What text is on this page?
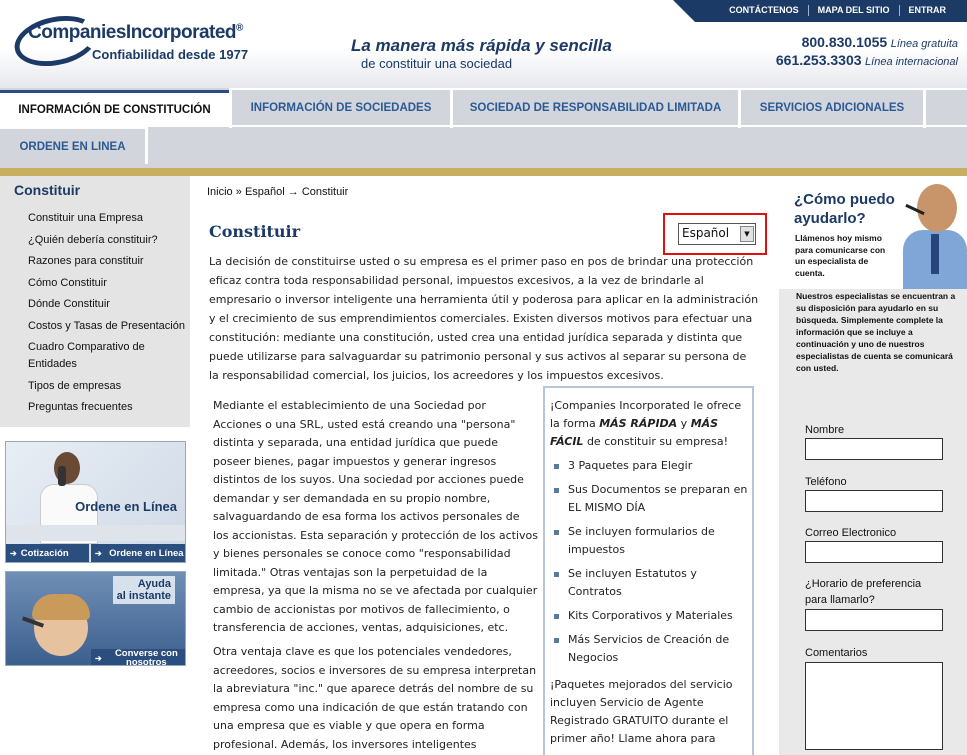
CONTÁCTENOS	MAPA DEL SITIO	ENTRAR
CompaniesIncorporated®
Confiabilidad desde 1977	La manera más rápida y sencilla
de constituir una sociedad
800.830.1055 Línea gratuita
661.253.3303 Línea internacional
INFORMACIÓN DE CONSTITUCIÓN	INFORMACIÓN DE SOCIEDADES	SOCIEDAD DE RESPONSABILIDAD LIMITADA	SERVICIOS ADICIONALES
ORDENE EN LINEA
Constituir
Constituir una Empresa
¿Quién debería constituir?
Razones para constituir
Cómo Constituir
Dónde Constituir
Costos y Tasas de Presentación
Cuadro Comparativo de Entidades
Tipos de empresas
Preguntas frecuentes
Ordene en Línea
➔ Cotización	➔ Ordene en Línea
Ayuda
al instante
➔	Converse con nosotros
Inicio » Español → Constituir
Constituir	Español	▼

La decisión de constituirse usted o su empresa es el primer paso en pos de brindar una protección eficaz contra toda responsabilidad personal, impuestos excesivos, a la vez de brindarle al empresario o inversor inteligente una herramienta útil y poderosa para aplicar en la administración y el crecimiento de sus emprendimientos comerciales. Existen diversos motivos para efectuar una constitución: mediante una constitución, usted crea una entidad jurídica separada y distinta que puede utilizarse para salvaguardar su patrimonio personal y sus activos al separar su persona de la responsabilidad comercial, los juicios, los acreedores y los impuestos excesivos.

Mediante el establecimiento de una Sociedad por Acciones o una SRL, usted está creando una "persona" distinta y separada, una entidad jurídica que puede poseer bienes, pagar impuestos y generar ingresos distintos de los suyos. Una sociedad por acciones puede demandar y ser demandada en su propio nombre, salvaguardando de esa forma los activos personales de los accionistas. Esta separación y protección de los activos y bienes personales se conoce como "responsabilidad limitada." Otras ventajas son la perpetuidad de la empresa, ya que la misma no se ve afectada por cualquier cambio de accionistas por motivos de fallecimiento, o transferencia de acciones, ventas, adquisiciones, etc.

Otra ventaja clave es que los potenciales vendedores, acreedores, socios e inversores de su empresa interpretan la abreviatura "inc." que aparece detrás del nombre de su empresa como una indicación de que están tratando con una empresa que es viable y que opera en forma profesional. Además, los inversores inteligentes

¡Companies Incorporated le ofrece la forma MÁS RÁPIDA y MÁS FÁCIL de constituir su empresa!
3 Paquetes para Elegir
Sus Documentos se preparan en EL MISMO DÍA
Se incluyen formularios de impuestos
Se incluyen Estatutos y Contratos
Kits Corporativos y Materiales
Más Servicios de Creación de Negocios
¡Paquetes mejorados del servicio incluyen Servicio de Agente Registrado GRATUITO durante el primer año! Llame ahora para
¿Cómo puedo
ayudarlo?
Llámenos hoy mismo para comunicarse con un especialista de cuenta.
Nuestros especialistas se encuentran a su disposición para ayudarlo en su búsqueda. Simplemente complete la información que se incluye a continuación y uno de nuestros especialistas de cuenta se comunicará con usted.
Nombre
Teléfono
Correo Electronico
¿Horario de preferencia para llamarlo?
Comentarios
